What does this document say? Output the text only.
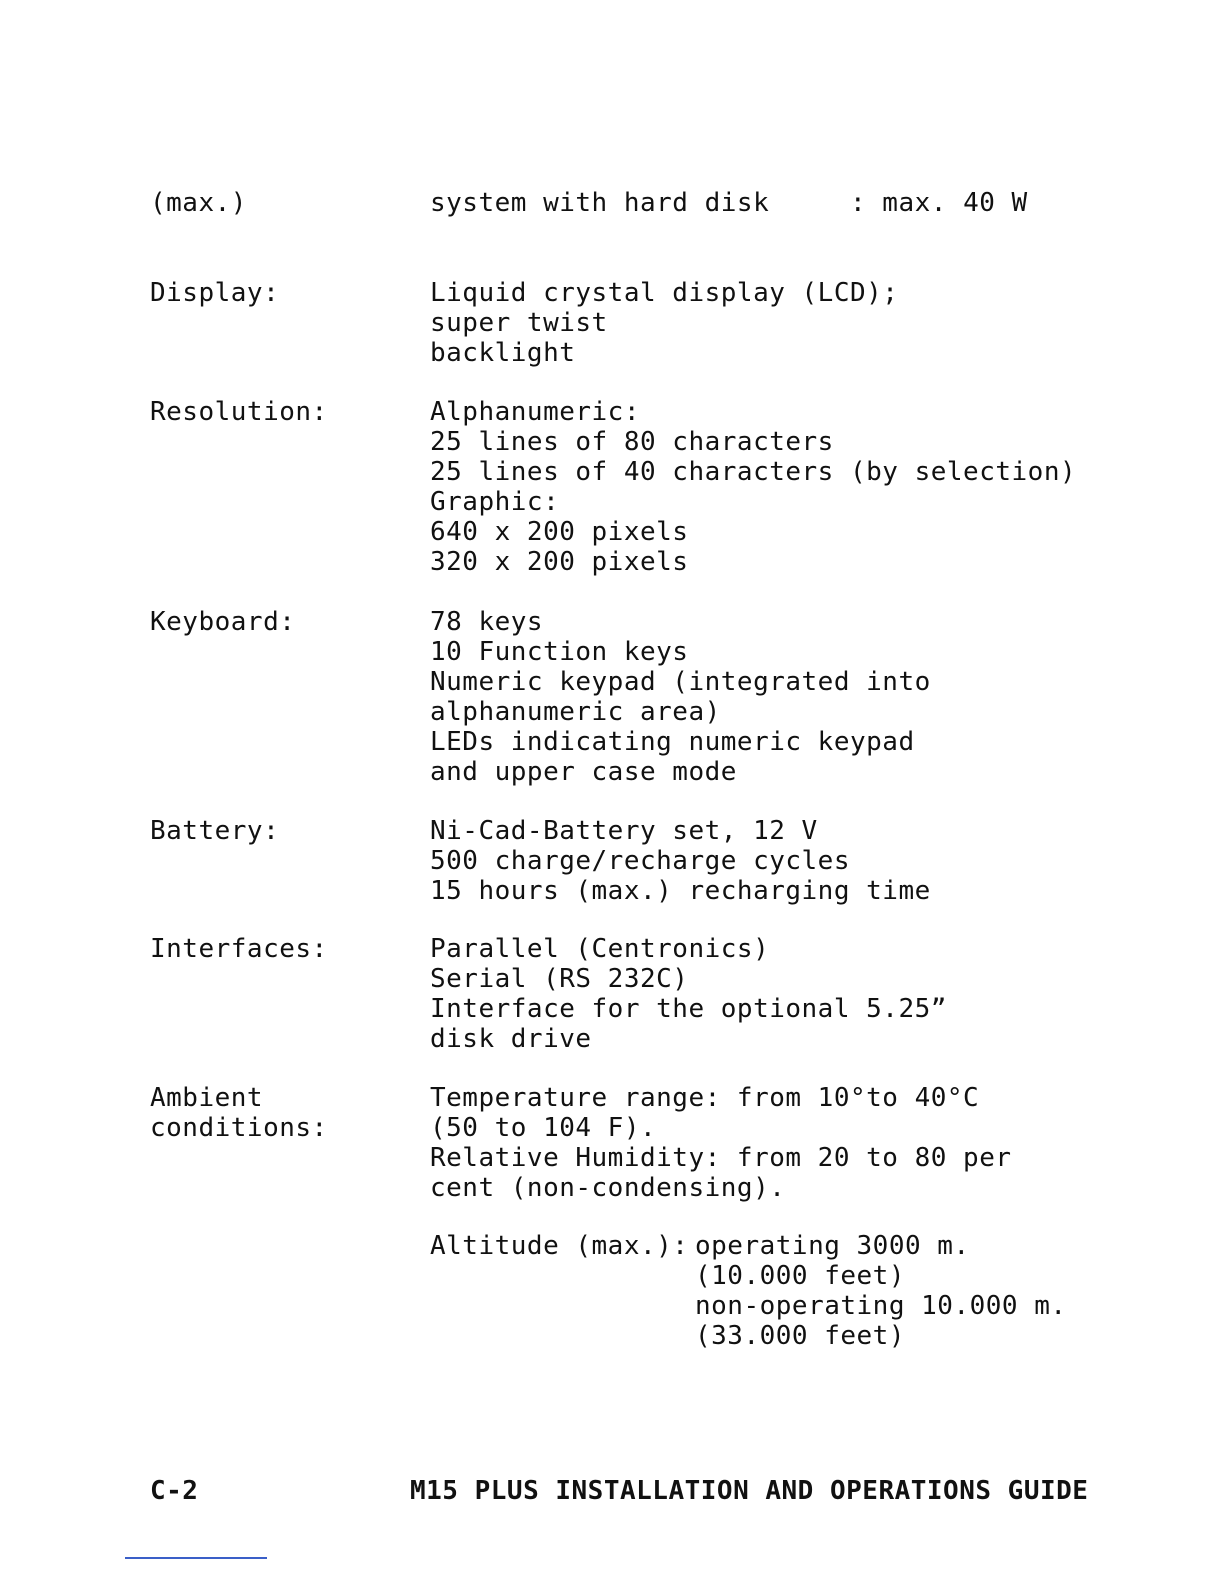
(max.)	system with hard disk	: max. 40 W
Display:	Liquid crystal display (LCD);
super twist
backlight
Resolution:	Alphanumeric:
25 lines of 80 characters
25 lines of 40 characters (by selection)
Graphic:
640 x 200 pixels
320 x 200 pixels
Keyboard:	78 keys
10 Function keys
Numeric keypad (integrated into
alphanumeric area)
LEDs indicating numeric keypad
and upper case mode
Battery:	Ni-Cad-Battery set, 12 V
500 charge/recharge cycles
15 hours (max.) recharging time
Interfaces:	Parallel (Centronics)
Serial (RS 232C)
Interface for the optional 5.25”
disk drive
Ambient
conditions:
Temperature range: from 10°to 40°C
(50 to 104 F).
Relative Humidity: from 20 to 80 per
cent (non-condensing).
Altitude (max.): operating 3000 m.
(10.000 feet)
non-operating 10.000 m.
(33.000 feet)
C-2	M15 PLUS INSTALLATION AND OPERATIONS GUIDE
